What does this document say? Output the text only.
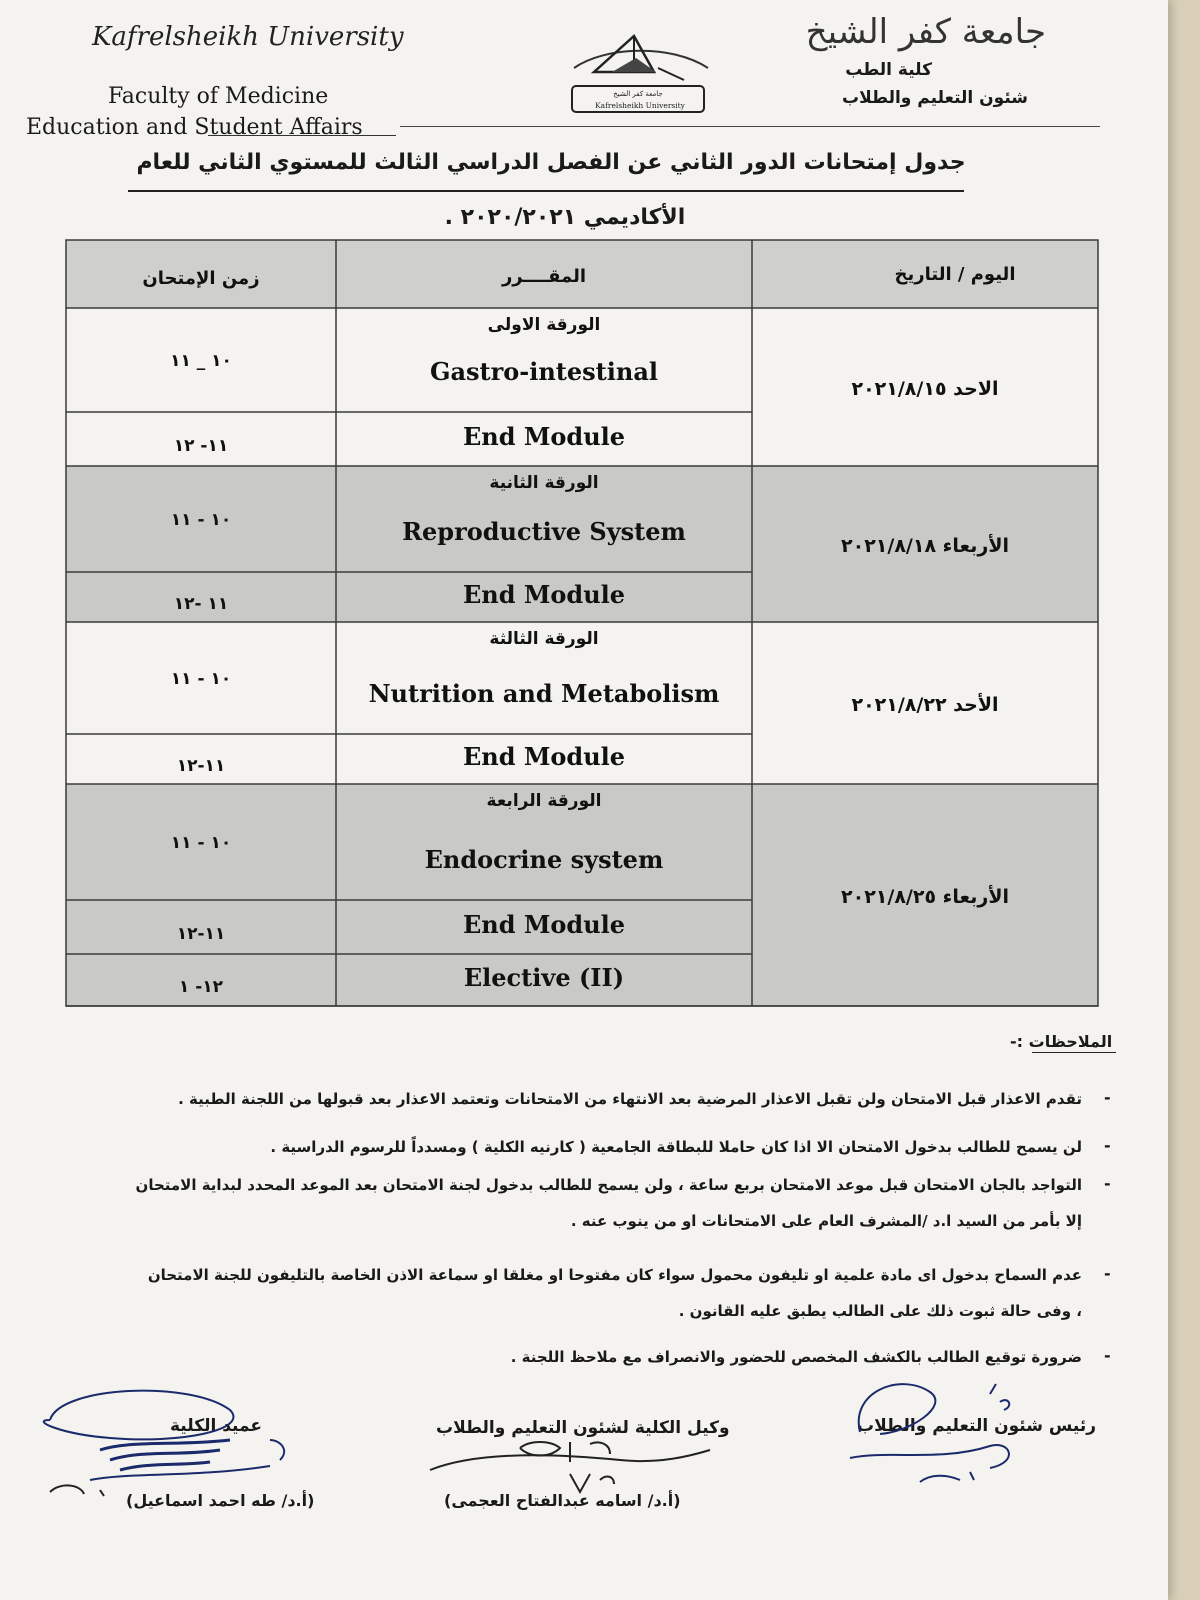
Kafrelsheikh University
Faculty of Medicine
Education and Student Affairs
جامعة كفر الشيخ
Kafrelsheikh University
جامعة كفر الشيخ
كلية الطب
شئون التعليم والطلاب
جدول إمتحانات الدور الثاني عن الفصل الدراسي الثالث للمستوي الثاني للعام
الأكاديمي ٢٠٢٠/٢٠٢١ .
اليوم / التاريخ
المقــــرر
زمن الإمتحان
الاحد ٢٠٢١/٨/١٥
الورقة الاولى
Gastro-intestinal
١٠ _ ١١
End Module
١١- ١٢
الأربعاء ٢٠٢١/٨/١٨
الورقة الثانية
Reproductive System
١٠ - ١١
End Module
١١ -١٢
الأحد ٢٠٢١/٨/٢٢
الورقة الثالثة
Nutrition and Metabolism
١٠ - ١١
End Module
١١-١٢
الأربعاء ٢٠٢١/٨/٢٥
الورقة الرابعة
Endocrine system
١٠ - ١١
End Module
١١-١٢
Elective (II)
١٢- ١
الملاحظات :-
-
تقدم الاعذار قبل الامتحان ولن تقبل الاعذار المرضية بعد الانتهاء من الامتحانات وتعتمد الاعذار بعد قبولها من اللجنة الطبية .
-
لن يسمح للطالب بدخول الامتحان الا اذا كان حاملا للبطاقة الجامعية ( كارنيه الكلية ) ومسدداً للرسوم الدراسية .
-
التواجد بالجان الامتحان قبل موعد الامتحان بربع ساعة ، ولن يسمح للطالب بدخول لجنة الامتحان بعد الموعد المحدد لبداية الامتحان
إلا بأمر من السيد ا.د /المشرف العام على الامتحانات او من ينوب عنه .
-
عدم السماح بدخول اى مادة علمية او تليفون محمول سواء كان مفتوحا او مغلقا او سماعة الاذن الخاصة بالتليفون للجنة الامتحان
، وفى حالة ثبوت ذلك على الطالب يطبق عليه القانون .
-
ضرورة توقيع الطالب بالكشف المخصص للحضور والانصراف مع ملاحظ اللجنة .
رئيس شئون التعليم والطلاب
وكيل الكلية لشئون التعليم والطلاب
عميد الكلية
(أ.د/ اسامه عبدالفتاح العجمى)
(أ.د/ طه احمد اسماعيل)
